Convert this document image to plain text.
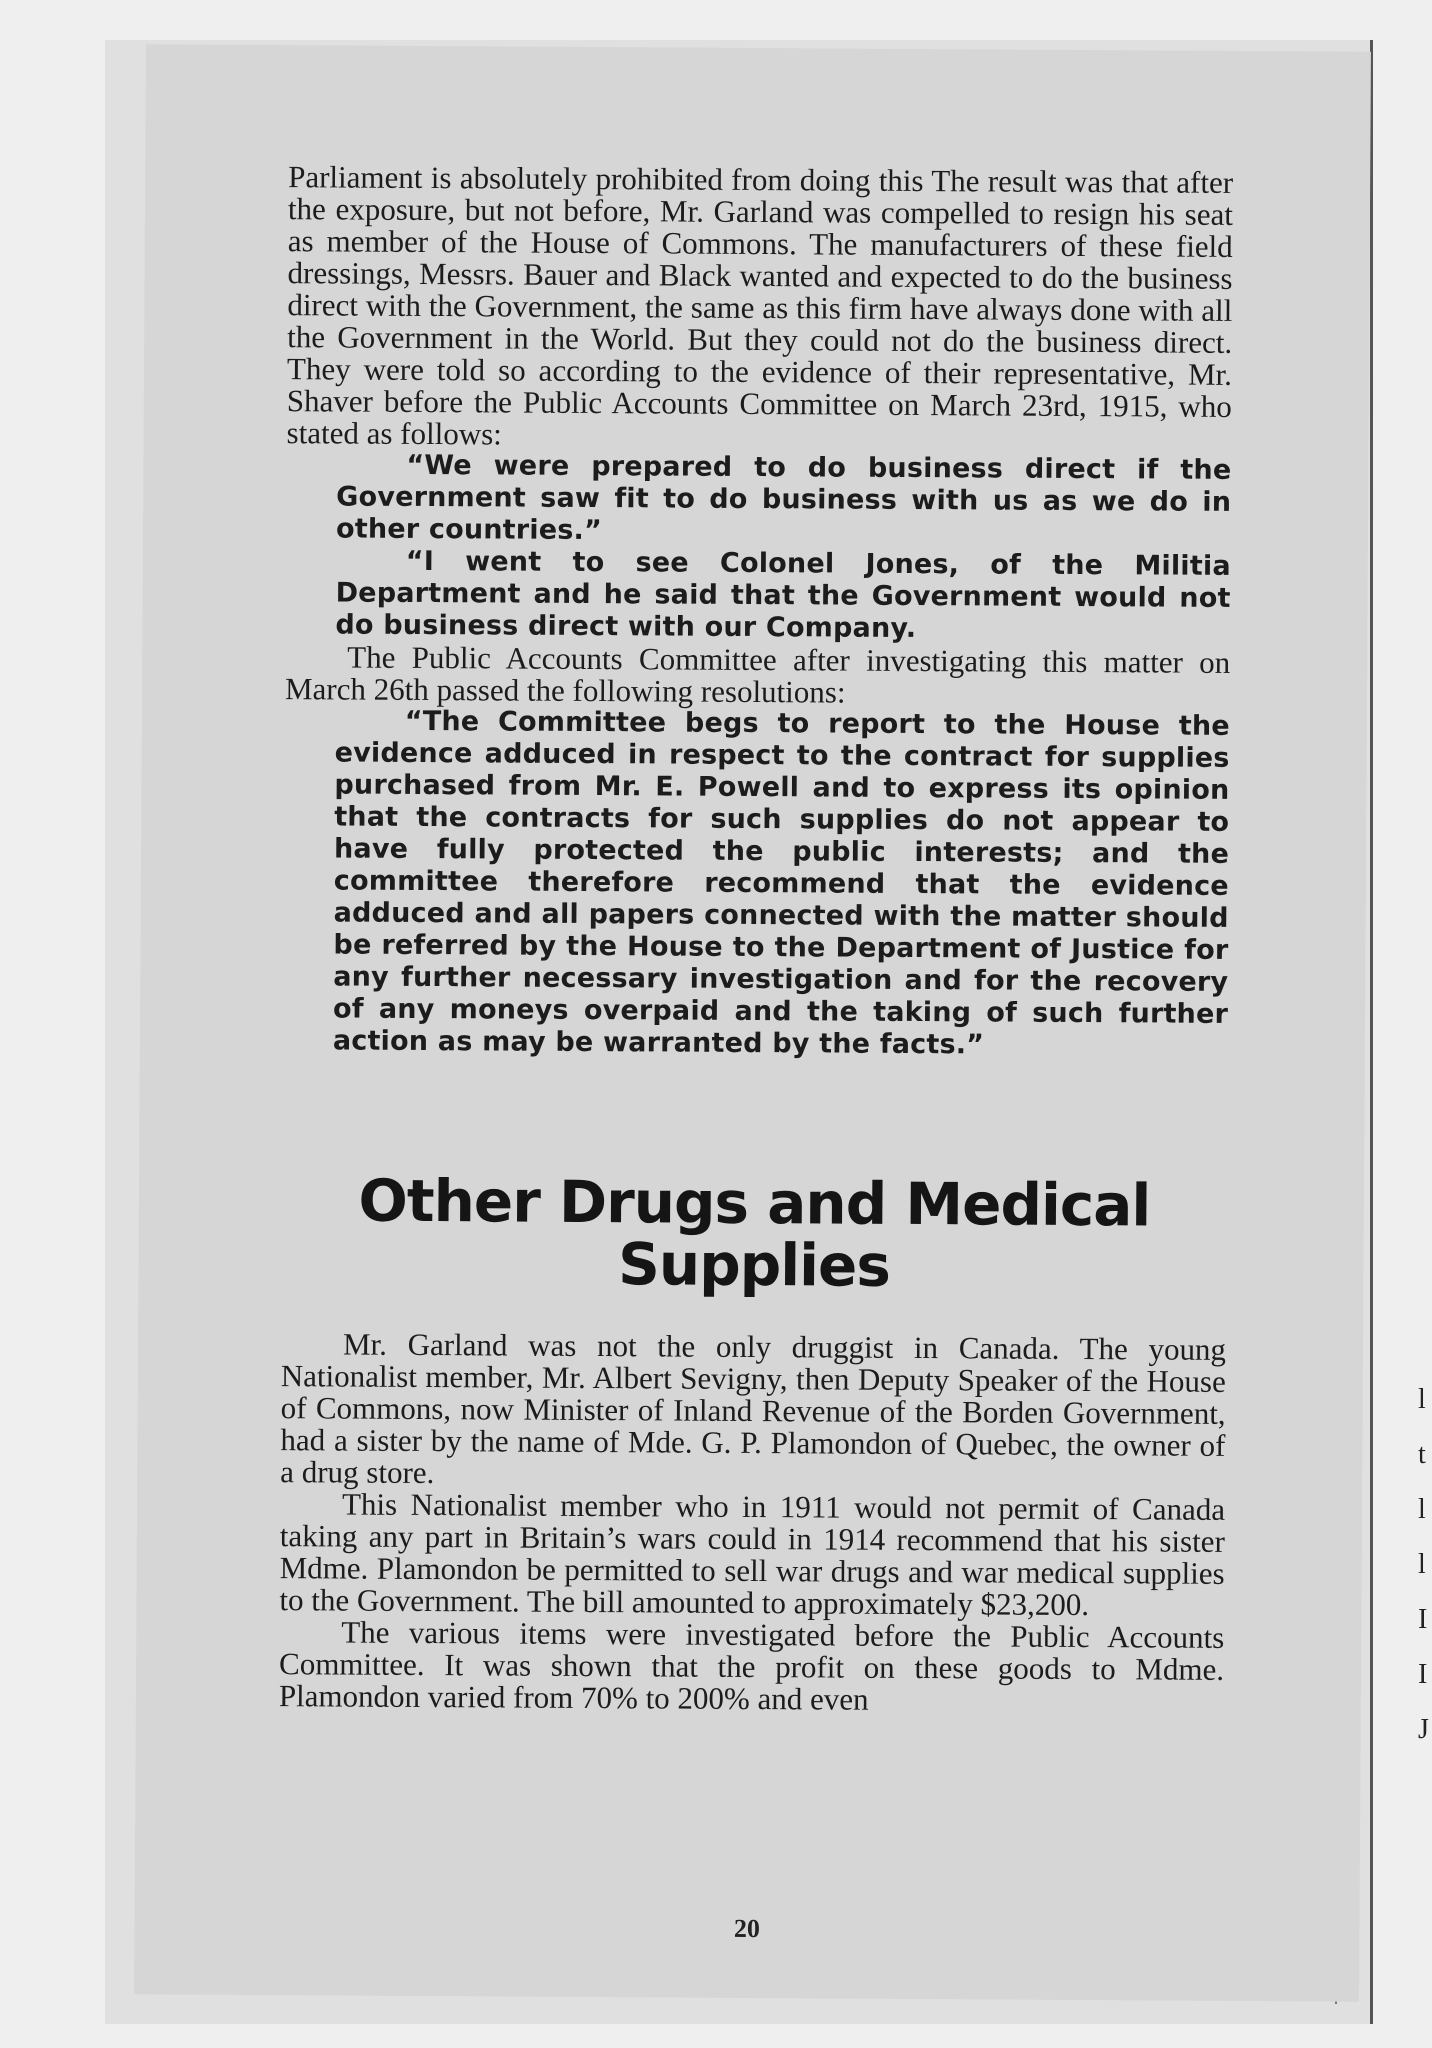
Parliament is absolutely prohibited from doing this The result was that after the exposure, but not before, Mr. Garland was compelled to resign his seat as member of the House of Commons. The manufacturers of these field dressings, Messrs. Bauer and Black wanted and expected to do the business direct with the Government, the same as this firm have always done with all the Government in the World. But they could not do the business direct. They were told so according to the evidence of their representative, Mr. Shaver before the Public Accounts Committee on March 23rd, 1915, who stated as follows:

“We were prepared to do business direct if the Government saw fit to do business with us as we do in other countries.”

“I went to see Colonel Jones, of the Militia Department and he said that the Government would not do business direct with our Company.

The Public Accounts Committee after investigating this matter on March 26th passed the following resolutions:

“The Committee begs to report to the House the evidence adduced in respect to the contract for supplies purchased from Mr. E. Powell and to express its opinion that the contracts for such supplies do not appear to have fully protected the public interests; and the committee therefore recommend that the evidence adduced and all papers connected with the matter should be referred by the House to the Department of Justice for any further necessary investigation and for the recovery of any moneys overpaid and the taking of such further action as may be warranted by the facts.”

Other Drugs and Medical
Supplies

Mr. Garland was not the only druggist in Canada. The young Nationalist member, Mr. Albert Sevigny, then Deputy Speaker of the House of Commons, now Minister of Inland Revenue of the Borden Government, had a sister by the name of Mde. G. P. Plamondon of Quebec, the owner of a drug store.

This Nationalist member who in 1911 would not permit of Canada taking any part in Britain’s wars could in 1914 recommend that his sister Mdme. Plamondon be permitted to sell war drugs and war medical supplies to the Government. The bill amounted to approximately $23,200.

The various items were investigated before the Public Accounts Committee. It was shown that the profit on these goods to Mdme. Plamondon varied from 70% to 200% and even

20
l
t
l
l
I
I
J
